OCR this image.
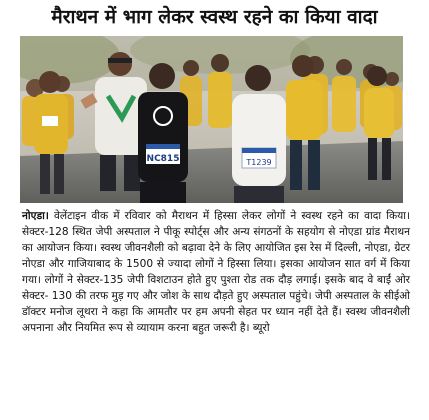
मैराथन में भाग लेकर स्वस्थ रहने का किया वादा
NC815	T1239

नोएडा। वेलेंटाइन वीक में रविवार को मैराथन में हिस्सा लेकर लोगों ने स्वस्थ रहने का वादा किया। सेक्टर-128 स्थित जेपी अस्पताल ने पीकू स्पोर्ट्स और अन्य संगठनों के सहयोग से नोएडा ग्रांड मैराथन का आयोजन किया। स्वस्थ जीवनशैली को बढ़ावा देने के लिए आयोजित इस रेस में दिल्ली, नोएडा, ग्रेटर नोएडा और गाजियाबाद के 1500 से ज्यादा लोगों ने हिस्सा लिया। इसका आयोजन सात वर्ग में किया गया। लोगों ने सेक्टर-135 जेपी विशटाउन होते हुए पुश्ता रोड तक दौड़ लगाई। इसके बाद वे बाईं ओर सेक्टर- 130 की तरफ मुड़ गए और जोश के साथ दौड़ते हुए अस्पताल पहुंचे। जेपी अस्पताल के सीईओ डॉक्टर मनोज लूथरा ने कहा कि आमतौर पर हम अपनी सेहत पर ध्यान नहीं देते हैं। स्वस्थ जीवनशैली अपनाना और नियमित रूप से व्यायाम करना बहुत जरूरी है। ब्यूरो
